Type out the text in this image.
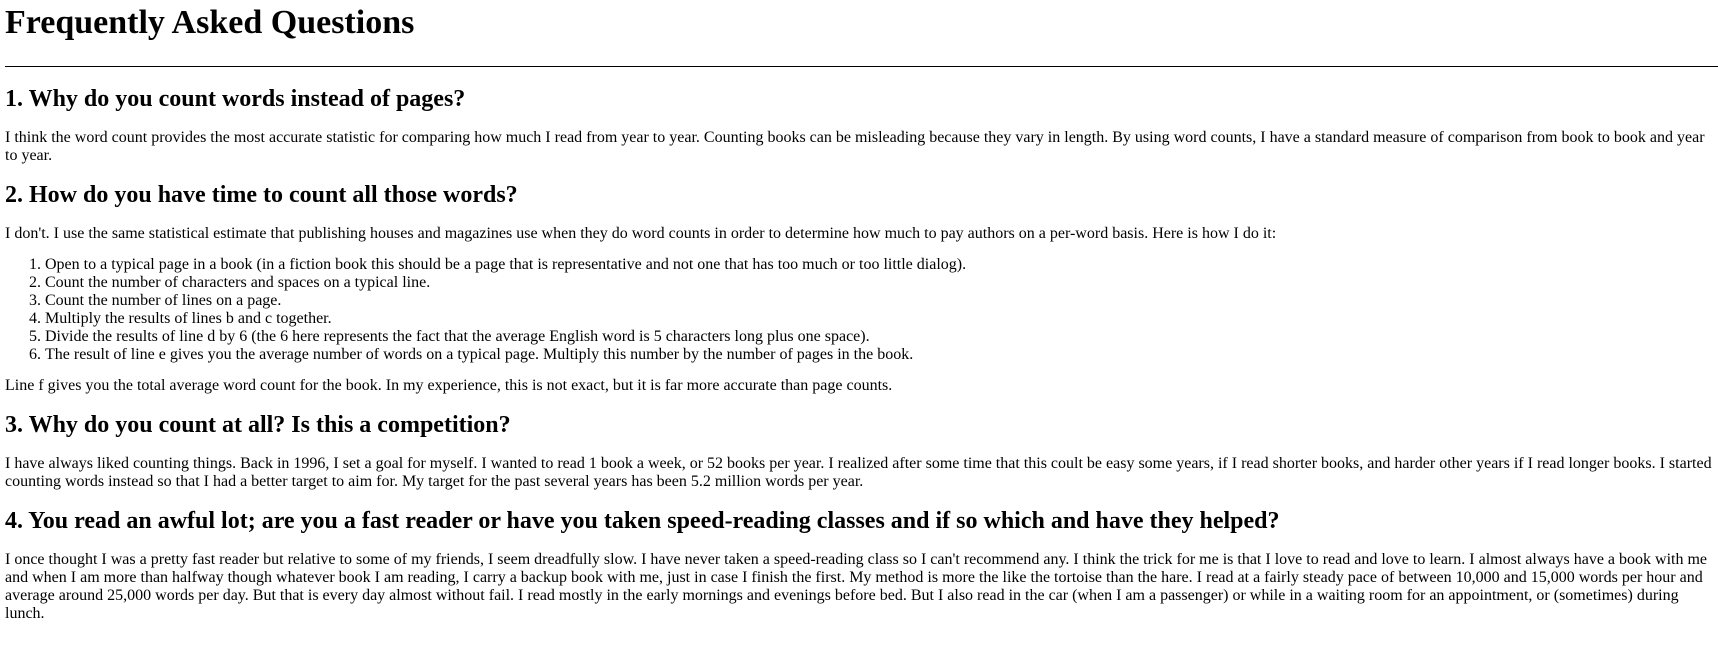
Frequently Asked Questions
1. Why do you count words instead of pages?

I think the word count provides the most accurate statistic for comparing how much I read from year to year. Counting books can be misleading because they vary in length. By using word counts, I have a standard measure of comparison from book to book and year to year.

2. How do you have time to count all those words?

I don't. I use the same statistical estimate that publishing houses and magazines use when they do word counts in order to determine how much to pay authors on a per-word basis. Here is how I do it:

1. Open to a typical page in a book (in a fiction book this should be a page that is representative and not one that has too much or too little dialog).
2. Count the number of characters and spaces on a typical line.
3. Count the number of lines on a page.
4. Multiply the results of lines b and c together.
5. Divide the results of line d by 6 (the 6 here represents the fact that the average English word is 5 characters long plus one space).
6. The result of line e gives you the average number of words on a typical page. Multiply this number by the number of pages in the book.

Line f gives you the total average word count for the book. In my experience, this is not exact, but it is far more accurate than page counts.

3. Why do you count at all? Is this a competition?

I have always liked counting things. Back in 1996, I set a goal for myself. I wanted to read 1 book a week, or 52 books per year. I realized after some time that this coult be easy some years, if I read shorter books, and harder other years if I read longer books. I started counting words instead so that I had a better target to aim for. My target for the past several years has been 5.2 million words per year.

4. You read an awful lot; are you a fast reader or have you taken speed-reading classes and if so which and have they helped?

I once thought I was a pretty fast reader but relative to some of my friends, I seem dreadfully slow. I have never taken a speed-reading class so I can't recommend any. I think the trick for me is that I love to read and love to learn. I almost always have a book with me and when I am more than halfway though whatever book I am reading, I carry a backup book with me, just in case I finish the first. My method is more the like the tortoise than the hare. I read at a fairly steady pace of between 10,000 and 15,000 words per hour and average around 25,000 words per day. But that is every day almost without fail. I read mostly in the early mornings and evenings before bed. But I also read in the car (when I am a passenger) or while in a waiting room for an appointment, or (sometimes) during lunch.
